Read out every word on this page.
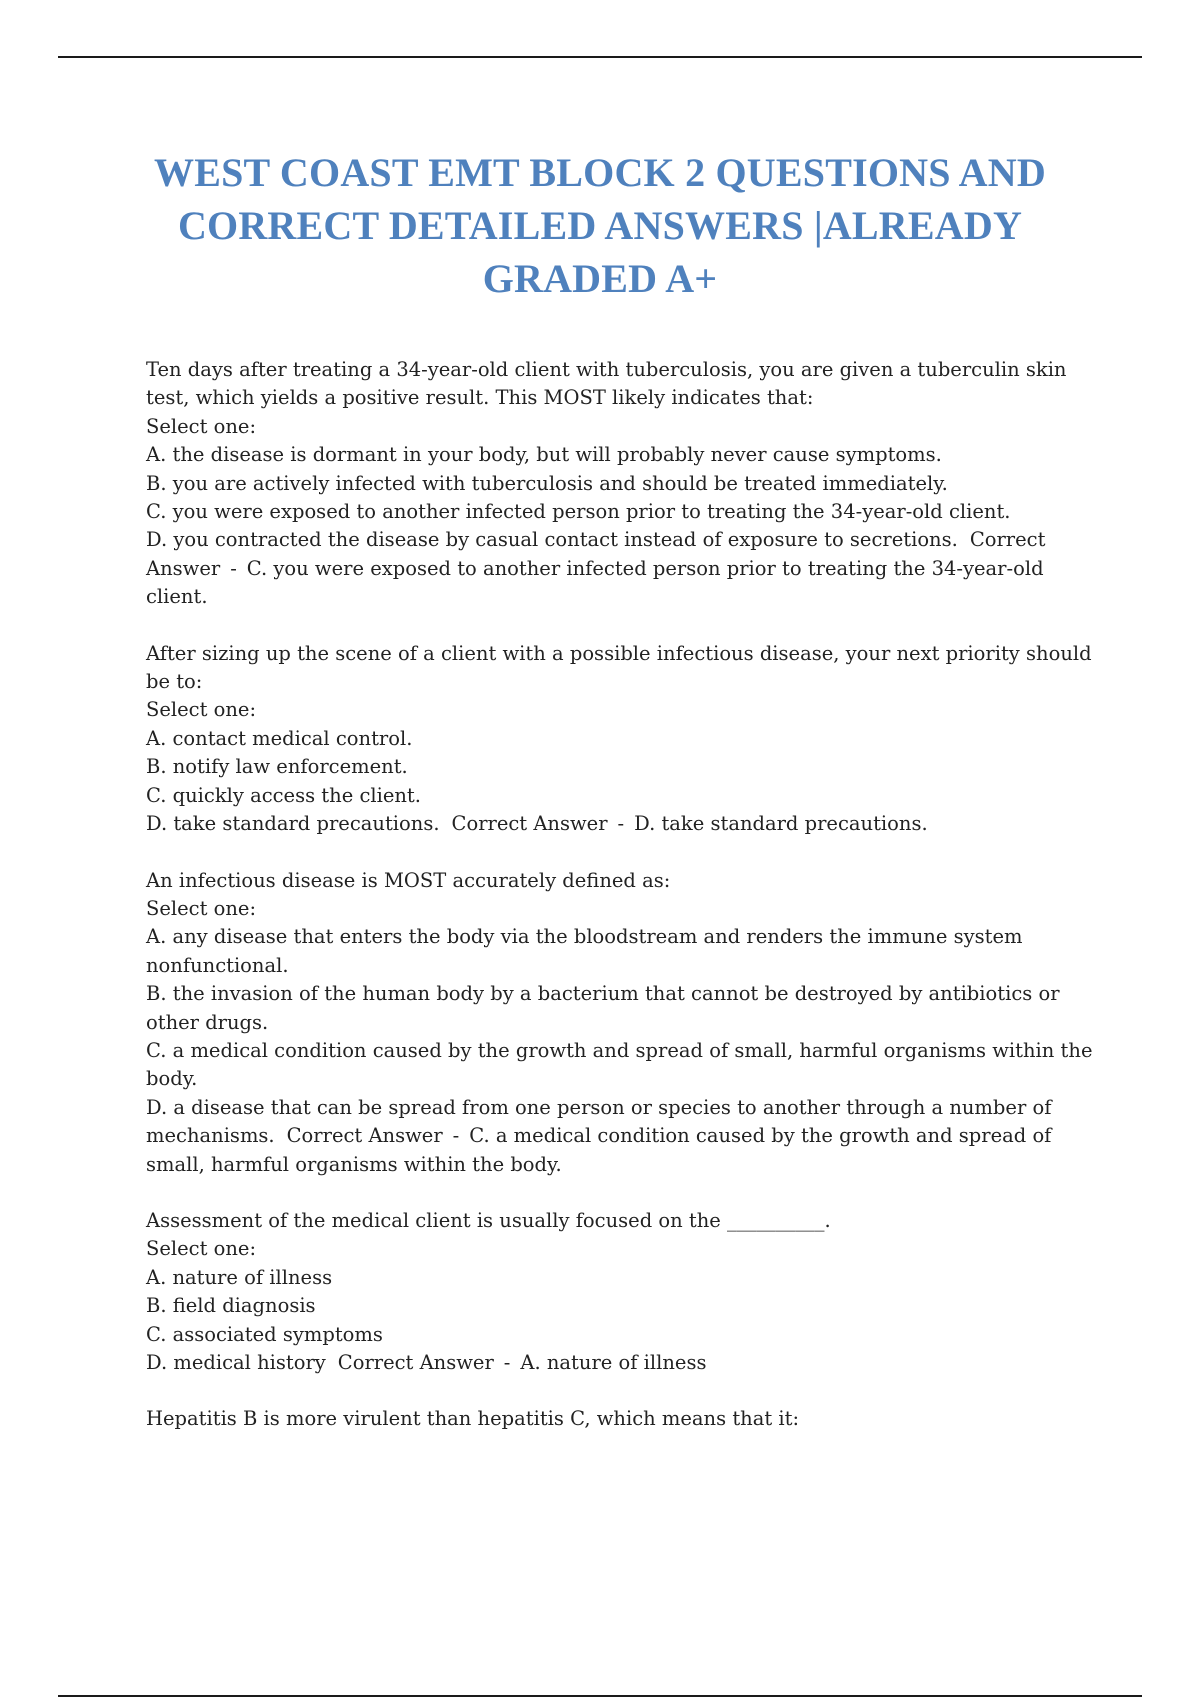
WEST COAST EMT BLOCK 2 QUESTIONS AND CORRECT DETAILED ANSWERS |ALREADY GRADED A+

Ten days after treating a 34-year-old client with tuberculosis, you are given a tuberculin skin test, which yields a positive result. This MOST likely indicates that:

Select one:

A. the disease is dormant in your body, but will probably never cause symptoms.

B. you are actively infected with tuberculosis and should be treated immediately.

C. you were exposed to another infected person prior to treating the 34-year-old client.

D. you contracted the disease by casual contact instead of exposure to secretions. Correct Answer - C. you were exposed to another infected person prior to treating the 34-year-old client.

After sizing up the scene of a client with a possible infectious disease, your next priority should be to:

Select one:

A. contact medical control.

B. notify law enforcement.

C. quickly access the client.

D. take standard precautions. Correct Answer - D. take standard precautions.

An infectious disease is MOST accurately defined as:

Select one:

A. any disease that enters the body via the bloodstream and renders the immune system nonfunctional.

B. the invasion of the human body by a bacterium that cannot be destroyed by antibiotics or other drugs.

C. a medical condition caused by the growth and spread of small, harmful organisms within the body.

D. a disease that can be spread from one person or species to another through a number of mechanisms. Correct Answer - C. a medical condition caused by the growth and spread of small, harmful organisms within the body.

Assessment of the medical client is usually focused on the __________.

Select one:

A. nature of illness

B. field diagnosis

C. associated symptoms

D. medical history Correct Answer - A. nature of illness

Hepatitis B is more virulent than hepatitis C, which means that it:
